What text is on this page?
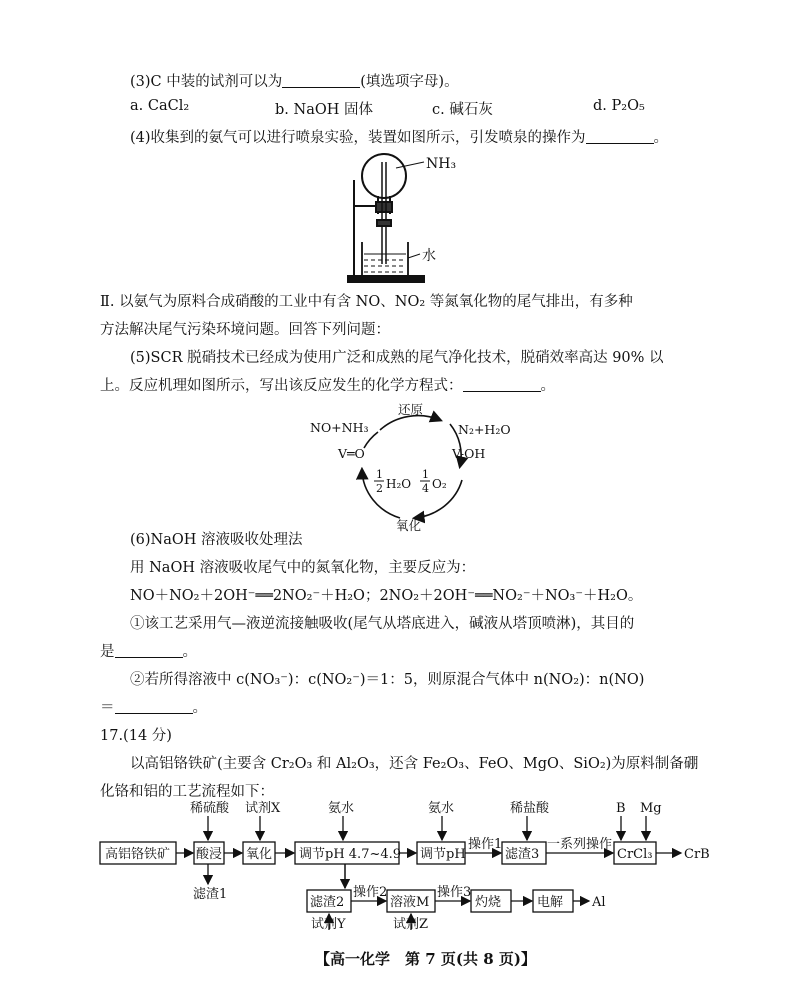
(3)C 中装的试剂可以为	(填选项字母)。
a. CaCl₂	b. NaOH 固体	c. 碱石灰	d. P₂O₅
(4)收集到的氨气可以进行喷泉实验，装置如图所示，引发喷泉的操作为	。
NH₃
水
Ⅱ. 以氨气为原料合成硝酸的工业中有含 NO、NO₂ 等氮氧化物的尾气排出，有多种
方法解决尾气污染环境问题。回答下列问题：
(5)SCR 脱硝技术已经成为使用广泛和成熟的尾气净化技术，脱硝效率高达 90% 以
上。反应机理如图所示，写出该反应发生的化学方程式：	。
NO+NH₃
还原
N₂+H₂O
V═O	V-OH
1
2 H₂O
1
4 O₂
氧化
(6)NaOH 溶液吸收处理法
用 NaOH 溶液吸收尾气中的氮氧化物，主要反应为：
NO＋NO₂＋2OH⁻══2NO₂⁻＋H₂O；2NO₂＋2OH⁻══NO₂⁻＋NO₃⁻＋H₂O。
①该工艺采用气—液逆流接触吸收(尾气从塔底进入，碱液从塔顶喷淋)，其目的
是	。
②若所得溶液中 c(NO₃⁻)：c(NO₂⁻)＝1：5，则原混合气体中 n(NO₂)：n(NO)
＝	。
17.(14 分)
以高铝铬铁矿(主要含 Cr₂O₃ 和 Al₂O₃，还含 Fe₂O₃、FeO、MgO、SiO₂)为原料制备硼
化铬和铝的工艺流程如下：
稀硫酸 试剂X	氨水	氨水	稀盐酸	B Mg
高铝铬铁矿 酸浸 氧化 调节pH 4.7~4.9 调节pH	滤渣3	CrCl₃
滤渣2	溶液M	灼烧	电解
操作1	一系列操作
CrB
滤渣1	操作2	操作3
Al
试剂Y	试剂Z
【高一化学　第 7 页(共 8 页)】
